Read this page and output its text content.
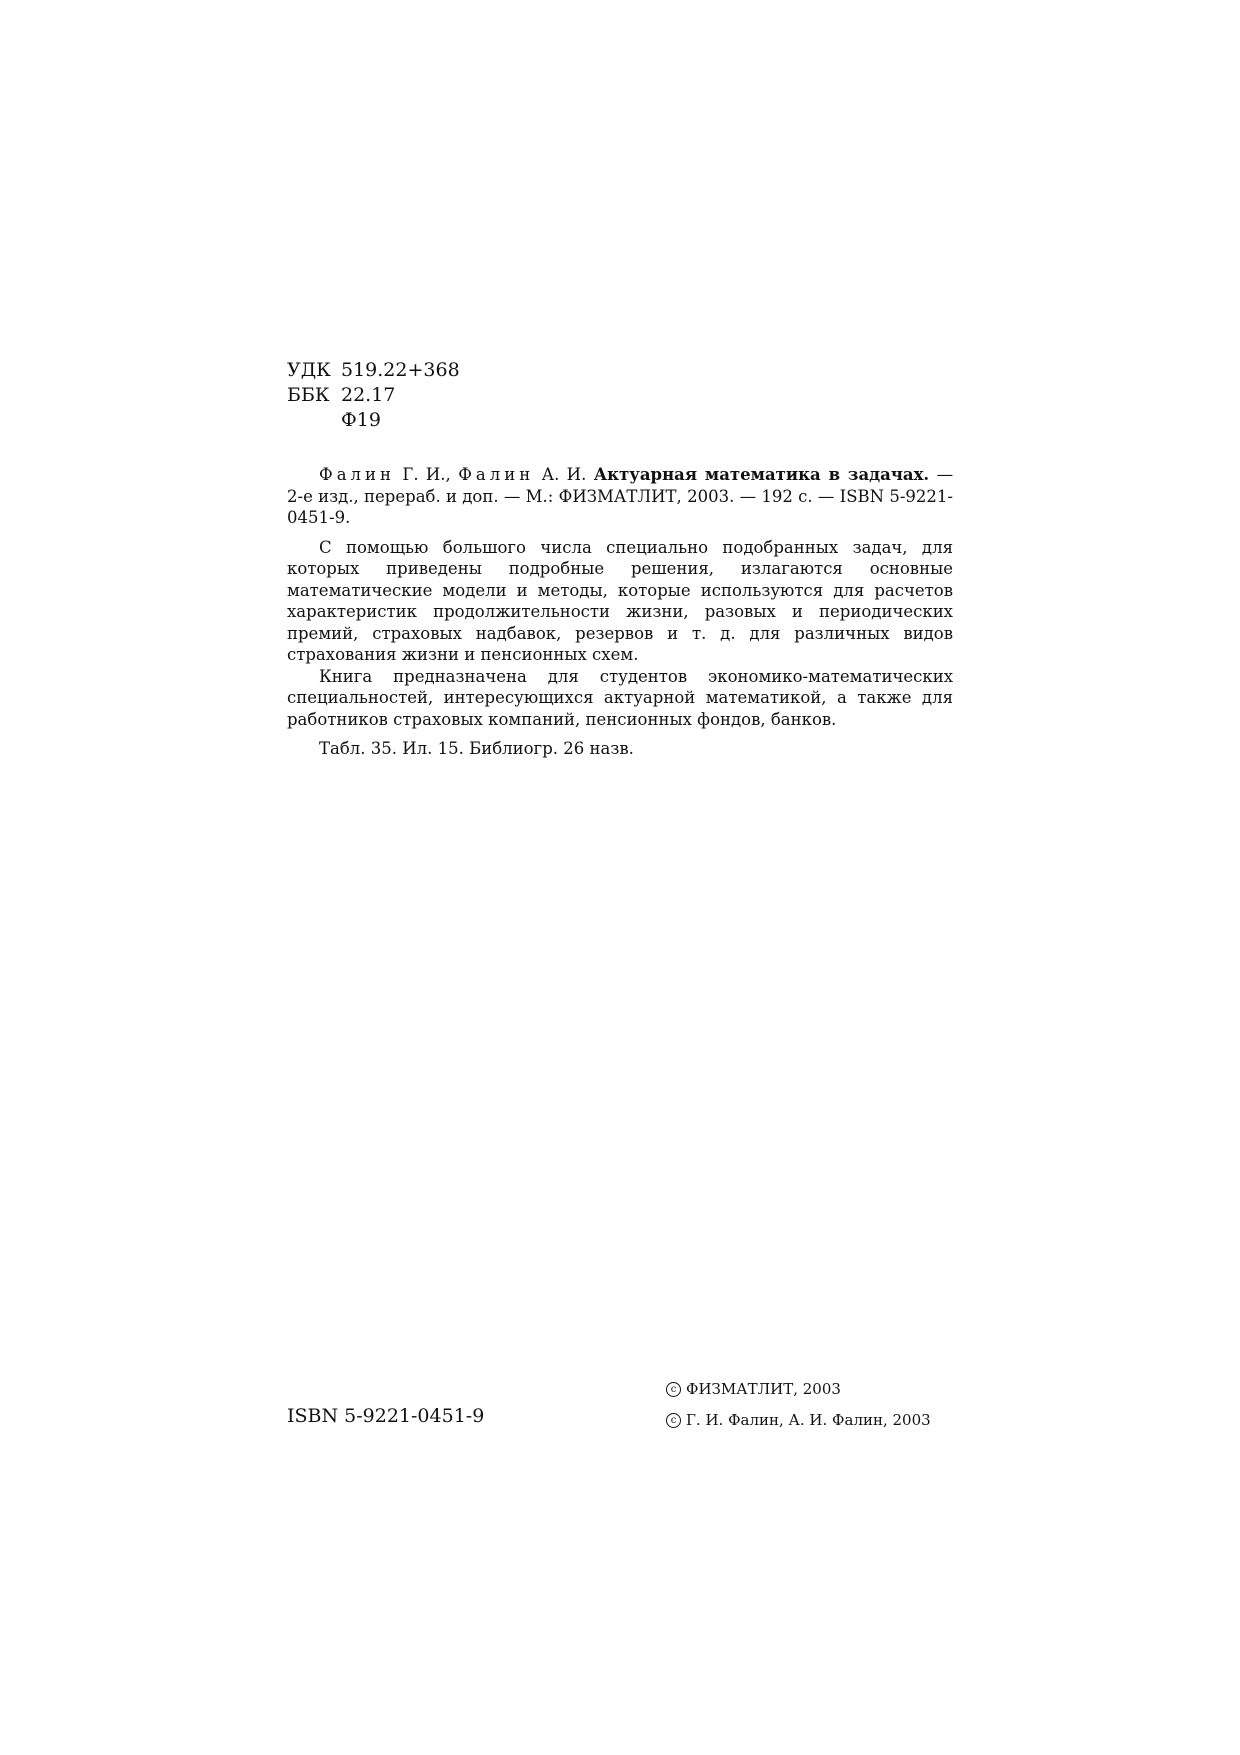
УДК 519.22+368
ББК 22.17
Ф19

Фалин Г. И., Фалин А. И. Актуарная математика в задачах. — 2-е изд., перераб. и доп. — М.: ФИЗМАТЛИТ, 2003. — 192 с. — ISBN 5-9221-0451-9.

С помощью большого числа специально подобранных задач, для которых приведены подробные решения, излагаются основные математические модели и методы, которые используются для расчетов характеристик продолжительности жизни, разовых и периодических премий, страховых надбавок, резервов и т. д. для различных видов страхования жизни и пенсионных схем.

Книга предназначена для студентов экономико-математических специальностей, интересующихся актуарной математикой, а также для работников страховых компаний, пенсионных фондов, банков.

Табл. 35. Ил. 15. Библиогр. 26 назв.

ISBN 5-9221-0451-9
c ФИЗМАТЛИТ, 2003
c Г. И. Фалин, А. И. Фалин, 2003
